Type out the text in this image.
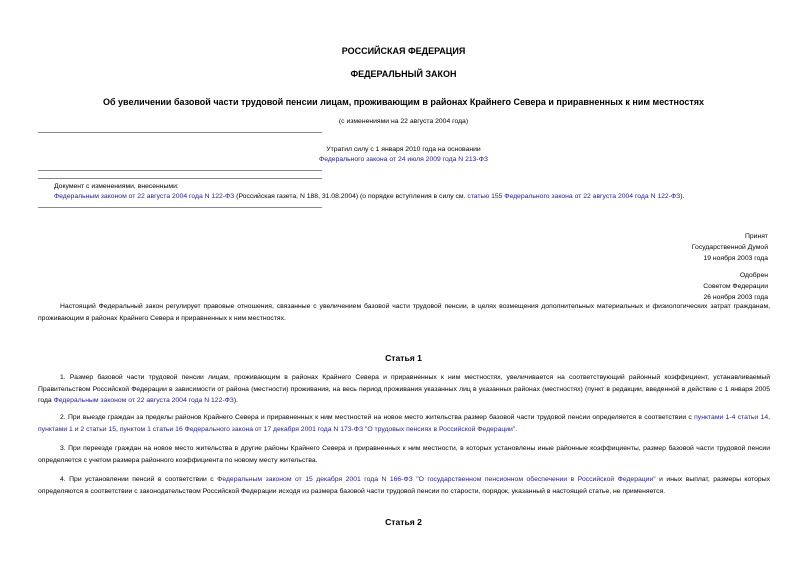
РОССИЙСКАЯ ФЕДЕРАЦИЯ
ФЕДЕРАЛЬНЫЙ ЗАКОН
Об увеличении базовой части трудовой пенсии лицам, проживающим в районах Крайнего Севера и приравненных к ним местностях
(с изменениями на 22 августа 2004 года)
Утратил силу с 1 января 2010 года на основании
Федерального закона от 24 июля 2009 года N 213-ФЗ
Документ с изменениями, внесенными:
Федеральным законом от 22 августа 2004 года N 122-ФЗ (Российская газета, N 188, 31.08.2004) (о порядке вступления в силу см. статью 155 Федерального закона от 22 августа 2004 года N 122-ФЗ).
Принят
Государственной Думой
19 ноября 2003 года
Одобрен
Советом Федерации
26 ноября 2003 года
Настоящий Федеральный закон регулирует правовые отношения, связанные с увеличением базовой части трудовой пенсии, в целях возмещения дополнительных материальных и физиологических затрат гражданам, проживающим в районах Крайнего Севера и приравненных к ним местностях.
Статья 1
1. Размер базовой части трудовой пенсии лицам, проживающим в районах Крайнего Севера и приравненных к ним местностях, увеличивается на соответствующий районный коэффициент, устанавливаемый Правительством Российской Федерации в зависимости от района (местности) проживания, на весь период проживания указанных лиц в указанных районах (местностях) (пункт в редакции, введенной в действие с 1 января 2005 года Федеральным законом от 22 августа 2004 года N 122-ФЗ).
2. При выезде граждан за пределы районов Крайнего Севера и приравненных к ним местностей на новое место жительства размер базовой части трудовой пенсии определяется в соответствии с пунктами 1-4 статьи 14, пунктами 1 и 2 статьи 15, пунктом 1 статьи 16 Федерального закона от 17 декабря 2001 года N 173-ФЗ "О трудовых пенсиях в Российской Федерации".
3. При переезде граждан на новое место жительства в другие районы Крайнего Севера и приравненных к ним местности, в которых установлены иные районные коэффициенты, размер базовой части трудовой пенсии определяется с учетом размера районного коэффициента по новому месту жительства.
4. При установлении пенсий в соответствии с Федеральным законом от 15 декабря 2001 года N 166-ФЗ "О государственном пенсионном обеспечении в Российской Федерации" и иных выплат, размеры которых определяются в соответствии с законодательством Российской Федерации исходя из размера базовой части трудовой пенсии по старости, порядок, указанный в настоящей статье, не применяется.
Статья 2
